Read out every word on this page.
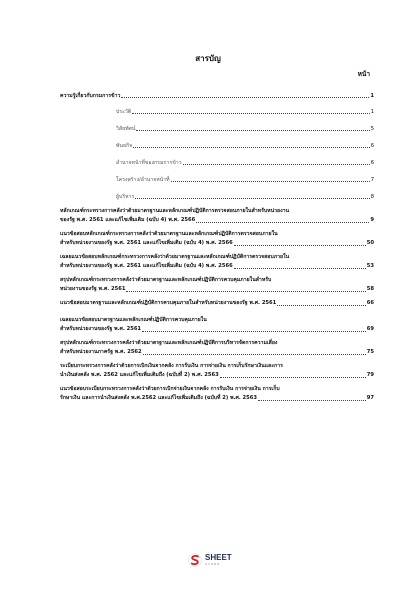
สารบัญ
หน้า
ความรู้เกี่ยวกับกรมการข้าว	1
ประวัติ	1
วิสัยทัศน์	5
พันธกิจ	6
อำนาจหน้าที่ของกรมการข้าว	6
โครงสร้าง/อำนาจหน้าที่	7
ผู้บริหาร	8
หลักเกณฑ์กระทรวงการคลังว่าด้วยมาตรฐานและหลักเกณฑ์ปฏิบัติการตรวจสอบภายในสำหรับหน่วยงาน
ของรัฐ พ.ศ. 2561 และแก้ไขเพิ่มเติม (ฉบับ 4) พ.ศ. 2566	9
แนวข้อสอบหลักเกณฑ์กระทรวงการคลังว่าด้วยมาตรฐานและหลักเกณฑ์ปฏิบัติการตรวจสอบภายใน
สำหรับหน่วยงานของรัฐ พ.ศ. 2561 และแก้ไขเพิ่มเติม (ฉบับ 4) พ.ศ. 2566	50
เฉลยแนวข้อสอบหลักเกณฑ์กระทรวงการคลังว่าด้วยมาตรฐานและหลักเกณฑ์ปฏิบัติการตรวจสอบภายใน
สำหรับหน่วยงานของรัฐ พ.ศ. 2561 และแก้ไขเพิ่มเติม (ฉบับ 4) พ.ศ. 2566	53
สรุปหลักเกณฑ์กระทรวงการคลังว่าด้วยมาตรฐานและหลักเกณฑ์ปฏิบัติการควบคุมภายในสำหรับ
หน่วยงานของรัฐ พ.ศ. 2561	58
แนวข้อสอบมาตรฐานและหลักเกณฑ์ปฏิบัติการควบคุมภายในสำหรับหน่วยงานของรัฐ พ.ศ. 2561	66
เฉลยแนวข้อสอบมาตรฐานและหลักเกณฑ์ปฏิบัติการควบคุมภายใน
สำหรับหน่วยงานของรัฐ พ.ศ. 2561	69
สรุปหลักเกณฑ์กระทรวงการคลังว่าด้วยมาตรฐานและหลักเกณฑ์ปฏิบัติการบริหารจัดการความเสี่ยง
สำหรับหน่วยงานภาครัฐ พ.ศ. 2562	75
ระเบียบกระทรวงการคลังว่าด้วยการเบิกเงินจากคลัง การรับเงิน การจ่ายเงิน การเก็บรักษาเงินและการ
นำเงินส่งคลัง พ.ศ. 2562 และแก้ไขเพิ่มเติมถึง (ฉบับที่ 2) พ.ศ. 2563	79
แนวข้อสอบระเบียบกระทรวงการคลังว่าด้วยการเบิกจ่ายเงินจากคลัง การรับเงิน การจ่ายเงิน การเก็บ
รักษาเงิน และการนำเงินส่งคลัง พ.ศ.2562 และแก้ไขเพิ่มเติมถึง (ฉบับที่ 2) พ.ศ. 2563	97
SHEET
STORE
